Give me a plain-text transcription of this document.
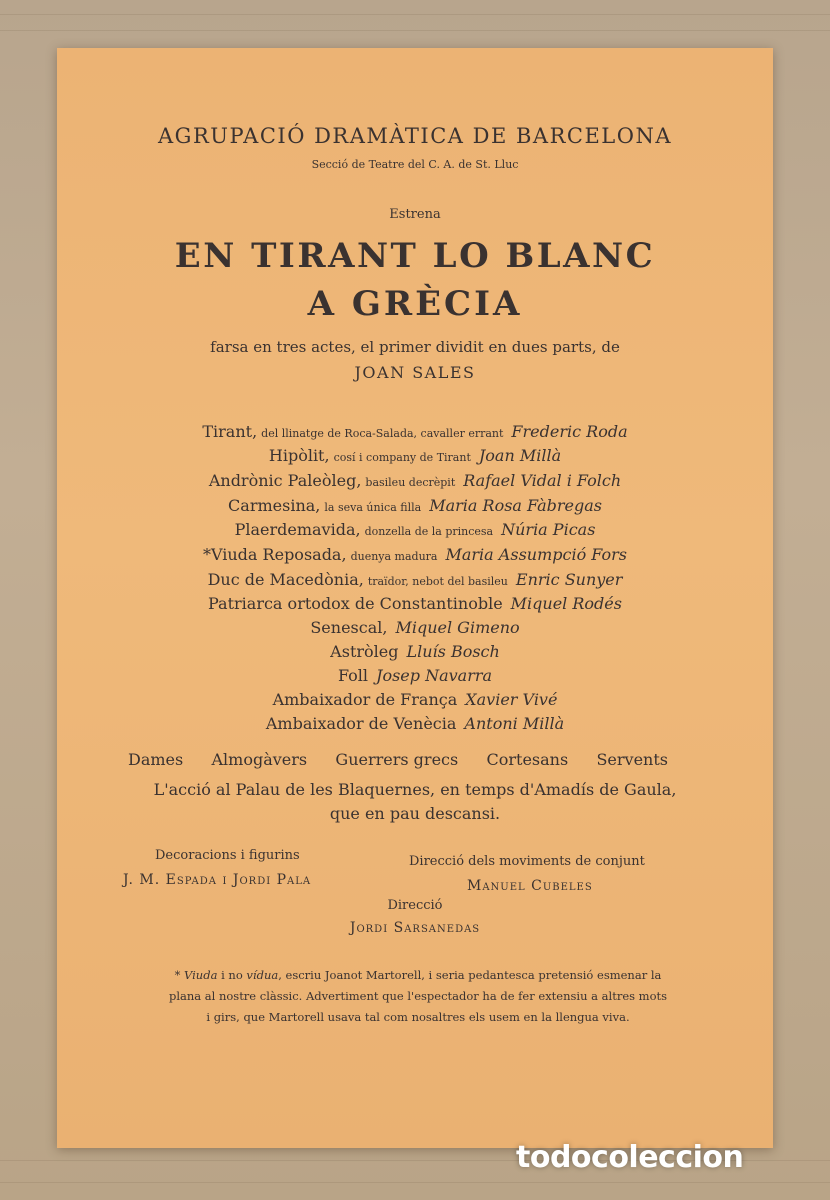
AGRUPACIÓ DRAMÀTICA DE BARCELONA
Secció de Teatre del C. A. de St. Lluc
Estrena
EN TIRANT LO BLANC
A GRÈCIA
farsa en tres actes, el primer dividit en dues parts, de
JOAN SALES
Tirant, del llinatge de Roca-Salada, cavaller errant Frederic Roda
Hipòlit, cosí i company de Tirant Joan Millà
Andrònic Paleòleg, basileu decrèpit Rafael Vidal i Folch
Carmesina, la seva única filla Maria Rosa Fàbregas
Plaerdemavida, donzella de la princesa Núria Picas
*Viuda Reposada, duenya madura Maria Assumpció Fors
Duc de Macedònia, traïdor, nebot del basileu Enric Sunyer
Patriarca ortodox de Constantinoble Miquel Rodés
Senescal, Miquel Gimeno
Astròleg Lluís Bosch
Foll Josep Navarra
Ambaixador de França Xavier Vivé
Ambaixador de Venècia Antoni Millà
Dames Almogàvers Guerrers grecs Cortesans Servents
L'acció al Palau de les Blaquernes, en temps d'Amadís de Gaula,
que en pau descansi.
Decoracions i figurins
J. M. Espada i Jordi Pala
Direcció dels moviments de conjunt
Manuel Cubeles
Direcció
Jordi Sarsanedas
* Viuda i no vídua, escriu Joanot Martorell, i seria pedantesca pretensió esmenar la
plana al nostre clàssic. Advertiment que l'espectador ha de fer extensiu a altres mots
i girs, que Martorell usava tal com nosaltres els usem en la llengua viva.
todocoleccion
